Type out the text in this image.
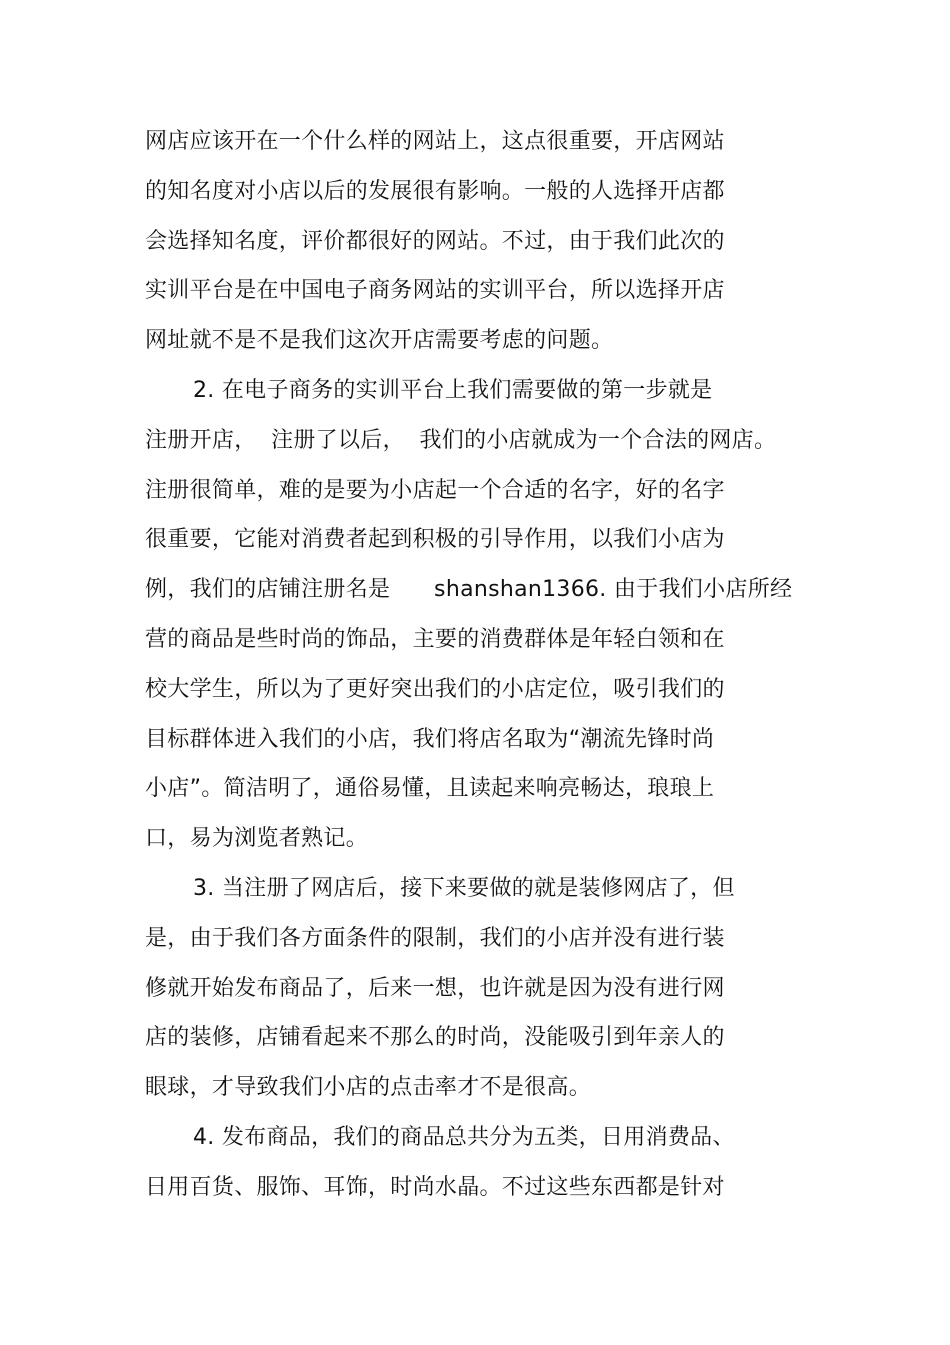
网店应该开在一个什么样的网站上，这点很重要，开店网站
的知名度对小店以后的发展很有影响。一般的人选择开店都
会选择知名度，评价都很好的网站。不过，由于我们此次的
实训平台是在中国电子商务网站的实训平台，所以选择开店
网址就不是不是我们这次开店需要考虑的问题。
2. 在电子商务的实训平台上我们需要做的第一步就是
注册开店，  注册了以后，  我们的小店就成为一个合法的网店。
注册很简单，难的是要为小店起一个合适的名字，好的名字
很重要，它能对消费者起到积极的引导作用，以我们小店为
例，我们的店铺注册名是      shanshan1366. 由于我们小店所经
营的商品是些时尚的饰品，主要的消费群体是年轻白领和在
校大学生，所以为了更好突出我们的小店定位，吸引我们的
目标群体进入我们的小店，我们将店名取为“潮流先锋时尚
小店”。简洁明了，通俗易懂，且读起来响亮畅达，琅琅上
口，易为浏览者熟记。
3. 当注册了网店后，接下来要做的就是装修网店了，但
是，由于我们各方面条件的限制，我们的小店并没有进行装
修就开始发布商品了，后来一想，也许就是因为没有进行网
店的装修，店铺看起来不那么的时尚，没能吸引到年亲人的
眼球，才导致我们小店的点击率才不是很高。
4. 发布商品，我们的商品总共分为五类，日用消费品、
日用百货、服饰、耳饰，时尚水晶。不过这些东西都是针对
